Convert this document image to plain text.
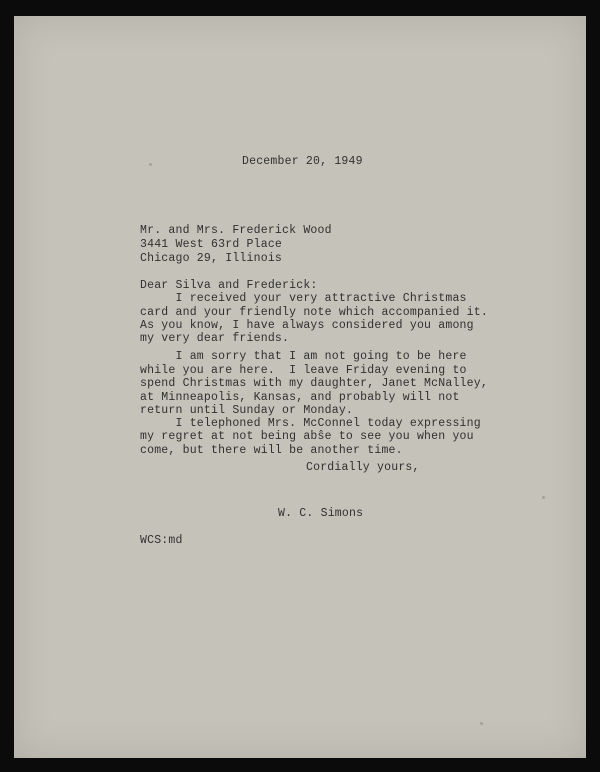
December 20, 1949

Mr. and Mrs. Frederick Wood

3441 West 63rd Place

Chicago 29, Illinois

Dear Silva and Frederick:

I received your very attractive Christmas

card and your friendly note which accompanied it.

As you know, I have always considered you among

my very dear friends.

I am sorry that I am not going to be here

while you are here.  I leave Friday evening to

spend Christmas with my daughter, Janet McNalley,

at Minneapolis, Kansas, and probably will not

return until Sunday or Monday.

I telephoned Mrs. McConnel today expressing

my regret at not being abŝe to see you when you

come, but there will be another time.

Cordially yours,

W. C. Simons

WCS:md
